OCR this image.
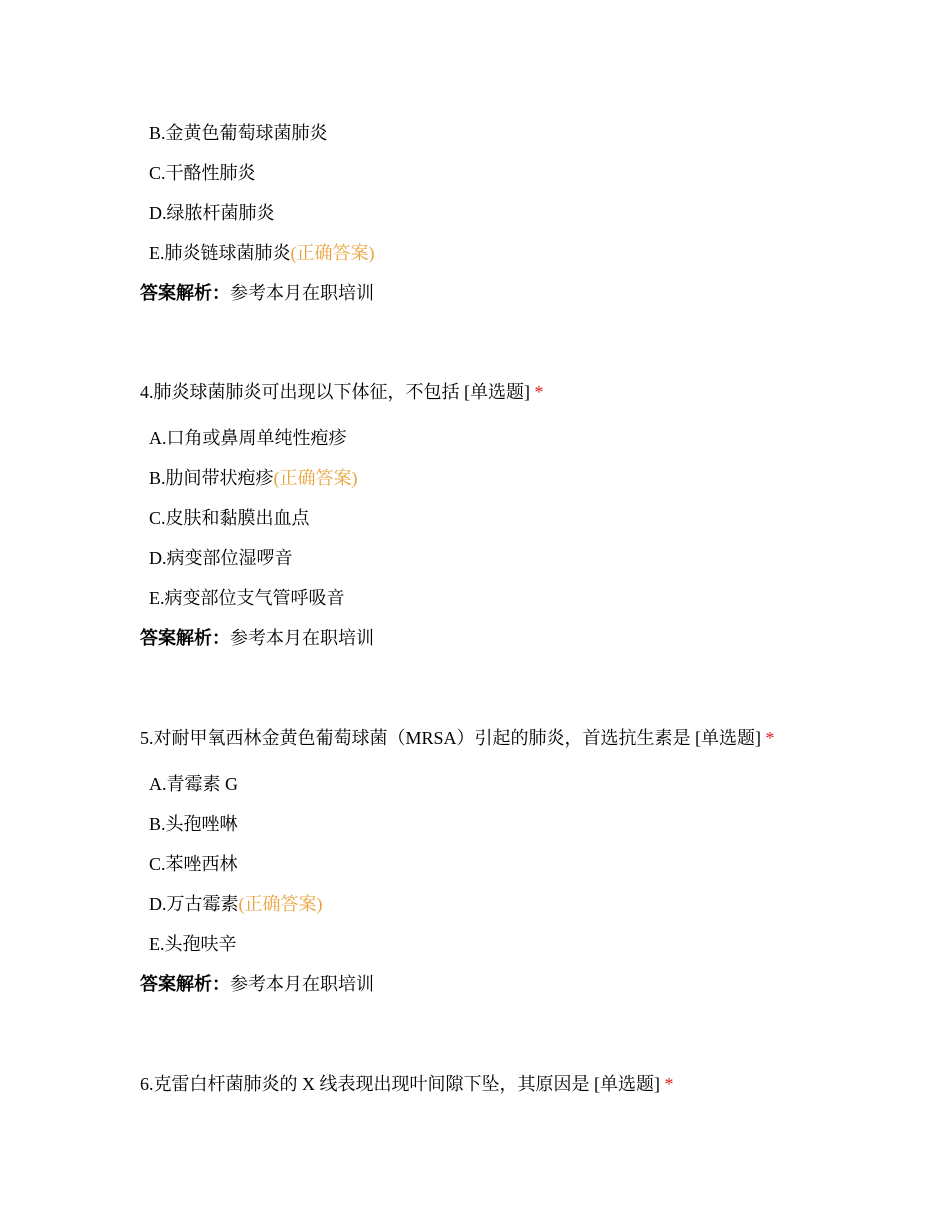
B.金黄色葡萄球菌肺炎
C.干酪性肺炎
D.绿脓杆菌肺炎
E.肺炎链球菌肺炎(正确答案)
答案解析：参考本月在职培训
4.肺炎球菌肺炎可出现以下体征，不包括 [单选题] *
A.口角或鼻周单纯性疱疹
B.肋间带状疱疹(正确答案)
C.皮肤和黏膜出血点
D.病变部位湿啰音
E.病变部位支气管呼吸音
答案解析：参考本月在职培训
5.对耐甲氧西林金黄色葡萄球菌（MRSA）引起的肺炎，首选抗生素是 [单选题] *
A.青霉素 G
B.头孢唑啉
C.苯唑西林
D.万古霉素(正确答案)
E.头孢呋辛
答案解析：参考本月在职培训
6.克雷白杆菌肺炎的 X 线表现出现叶间隙下坠，其原因是 [单选题] *
